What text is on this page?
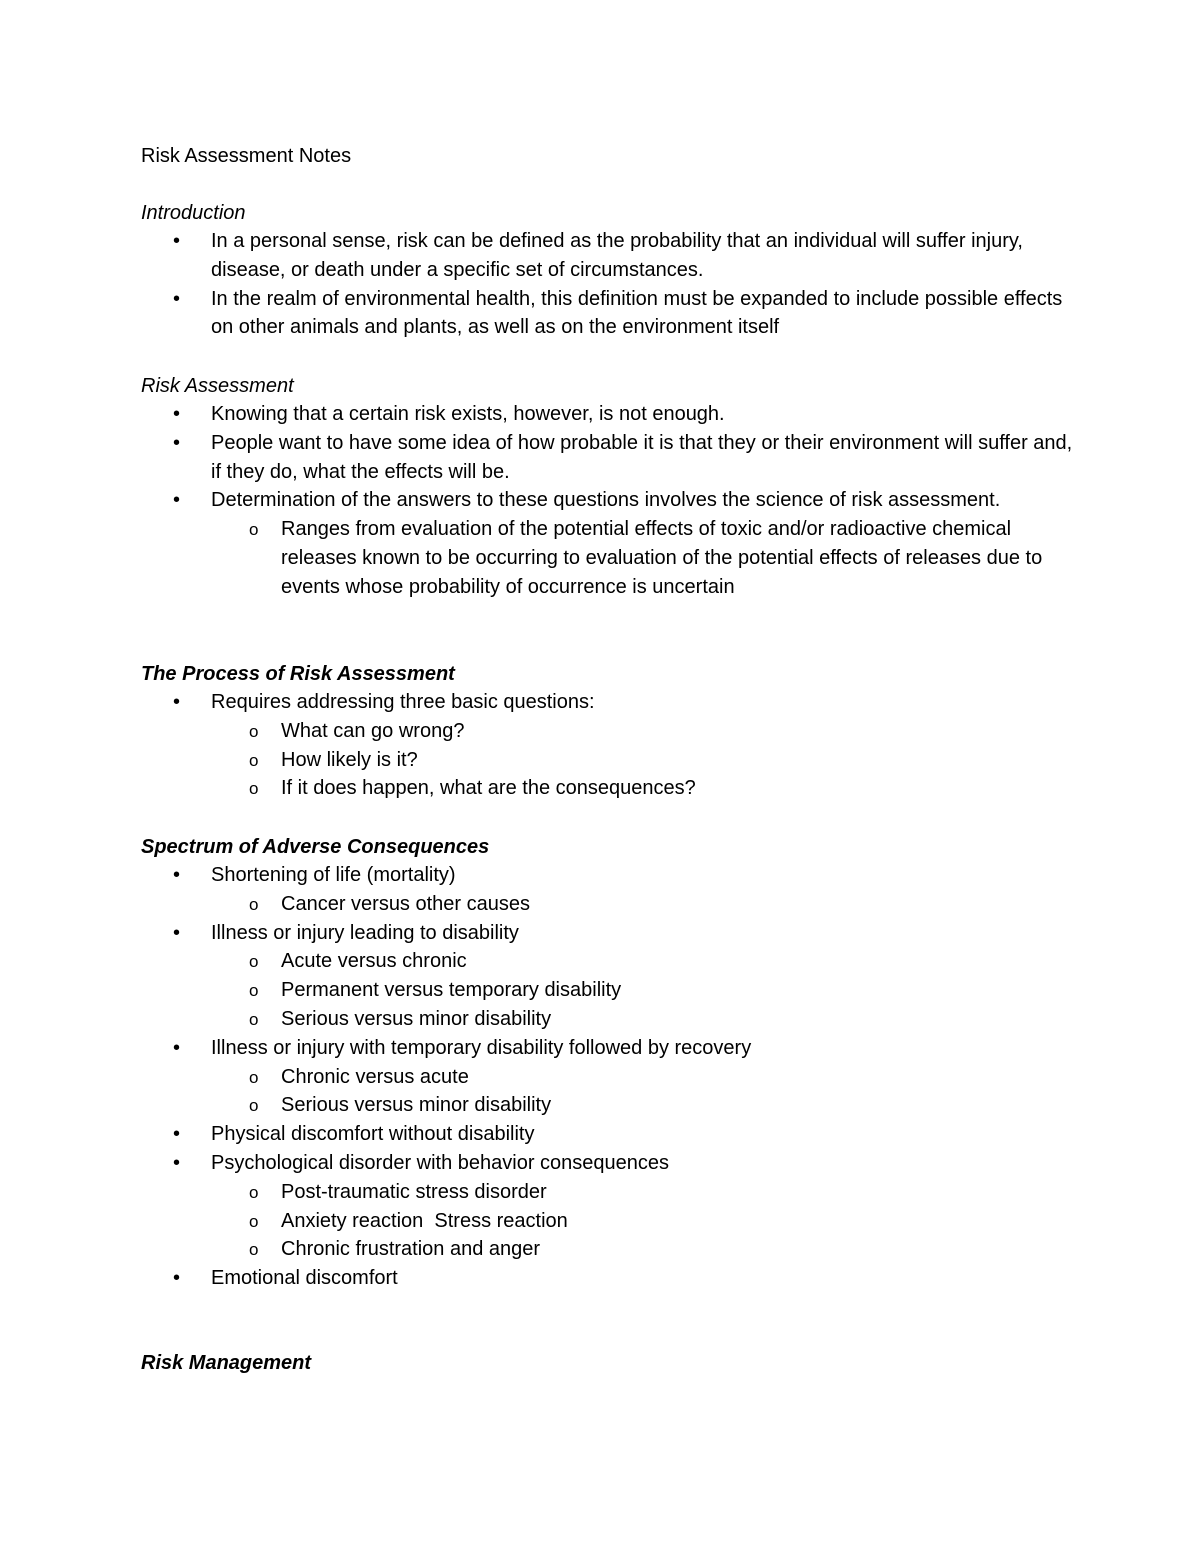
Risk Assessment Notes
Introduction
• In a personal sense, risk can be defined as the probability that an individual will suffer injury, disease, or death under a specific set of circumstances.
• In the realm of environmental health, this definition must be expanded to include possible effects on other animals and plants, as well as on the environment itself
Risk Assessment
• Knowing that a certain risk exists, however, is not enough.
• People want to have some idea of how probable it is that they or their environment will suffer and, if they do, what the effects will be.
• Determination of the answers to these questions involves the science of risk assessment.
o Ranges from evaluation of the potential effects of toxic and/or radioactive chemical releases known to be occurring to evaluation of the potential effects of releases due to events whose probability of occurrence is uncertain
The Process of Risk Assessment
• Requires addressing three basic questions:
o What can go wrong?
o How likely is it?
o If it does happen, what are the consequences?
Spectrum of Adverse Consequences
• Shortening of life (mortality)
o Cancer versus other causes
• Illness or injury leading to disability
o Acute versus chronic
o Permanent versus temporary disability
o Serious versus minor disability
• Illness or injury with temporary disability followed by recovery
o Chronic versus acute
o Serious versus minor disability
• Physical discomfort without disability
• Psychological disorder with behavior consequences
o Post-traumatic stress disorder
o Anxiety reaction  Stress reaction
o Chronic frustration and anger
• Emotional discomfort
Risk Management
